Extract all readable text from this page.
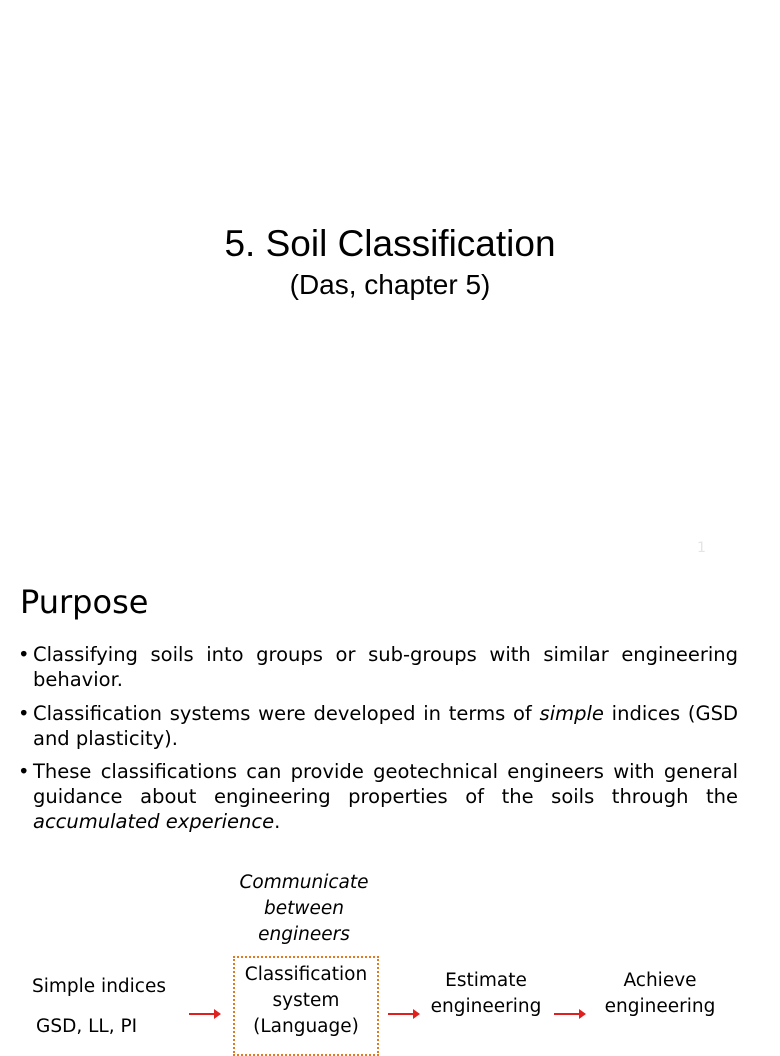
5. Soil Classification
(Das, chapter 5)
1
Purpose
• Classifying soils into groups or sub-groups with similar engineering behavior.
• Classification systems were developed in terms of simple indices (GSD and plasticity).
• These classifications can provide geotechnical engineers with general guidance about engineering properties of the soils through the accumulated experience.
Communicate between engineers
Simple indices
GSD, LL, PI
Classification system (Language)
Estimate engineering
Achieve engineering
